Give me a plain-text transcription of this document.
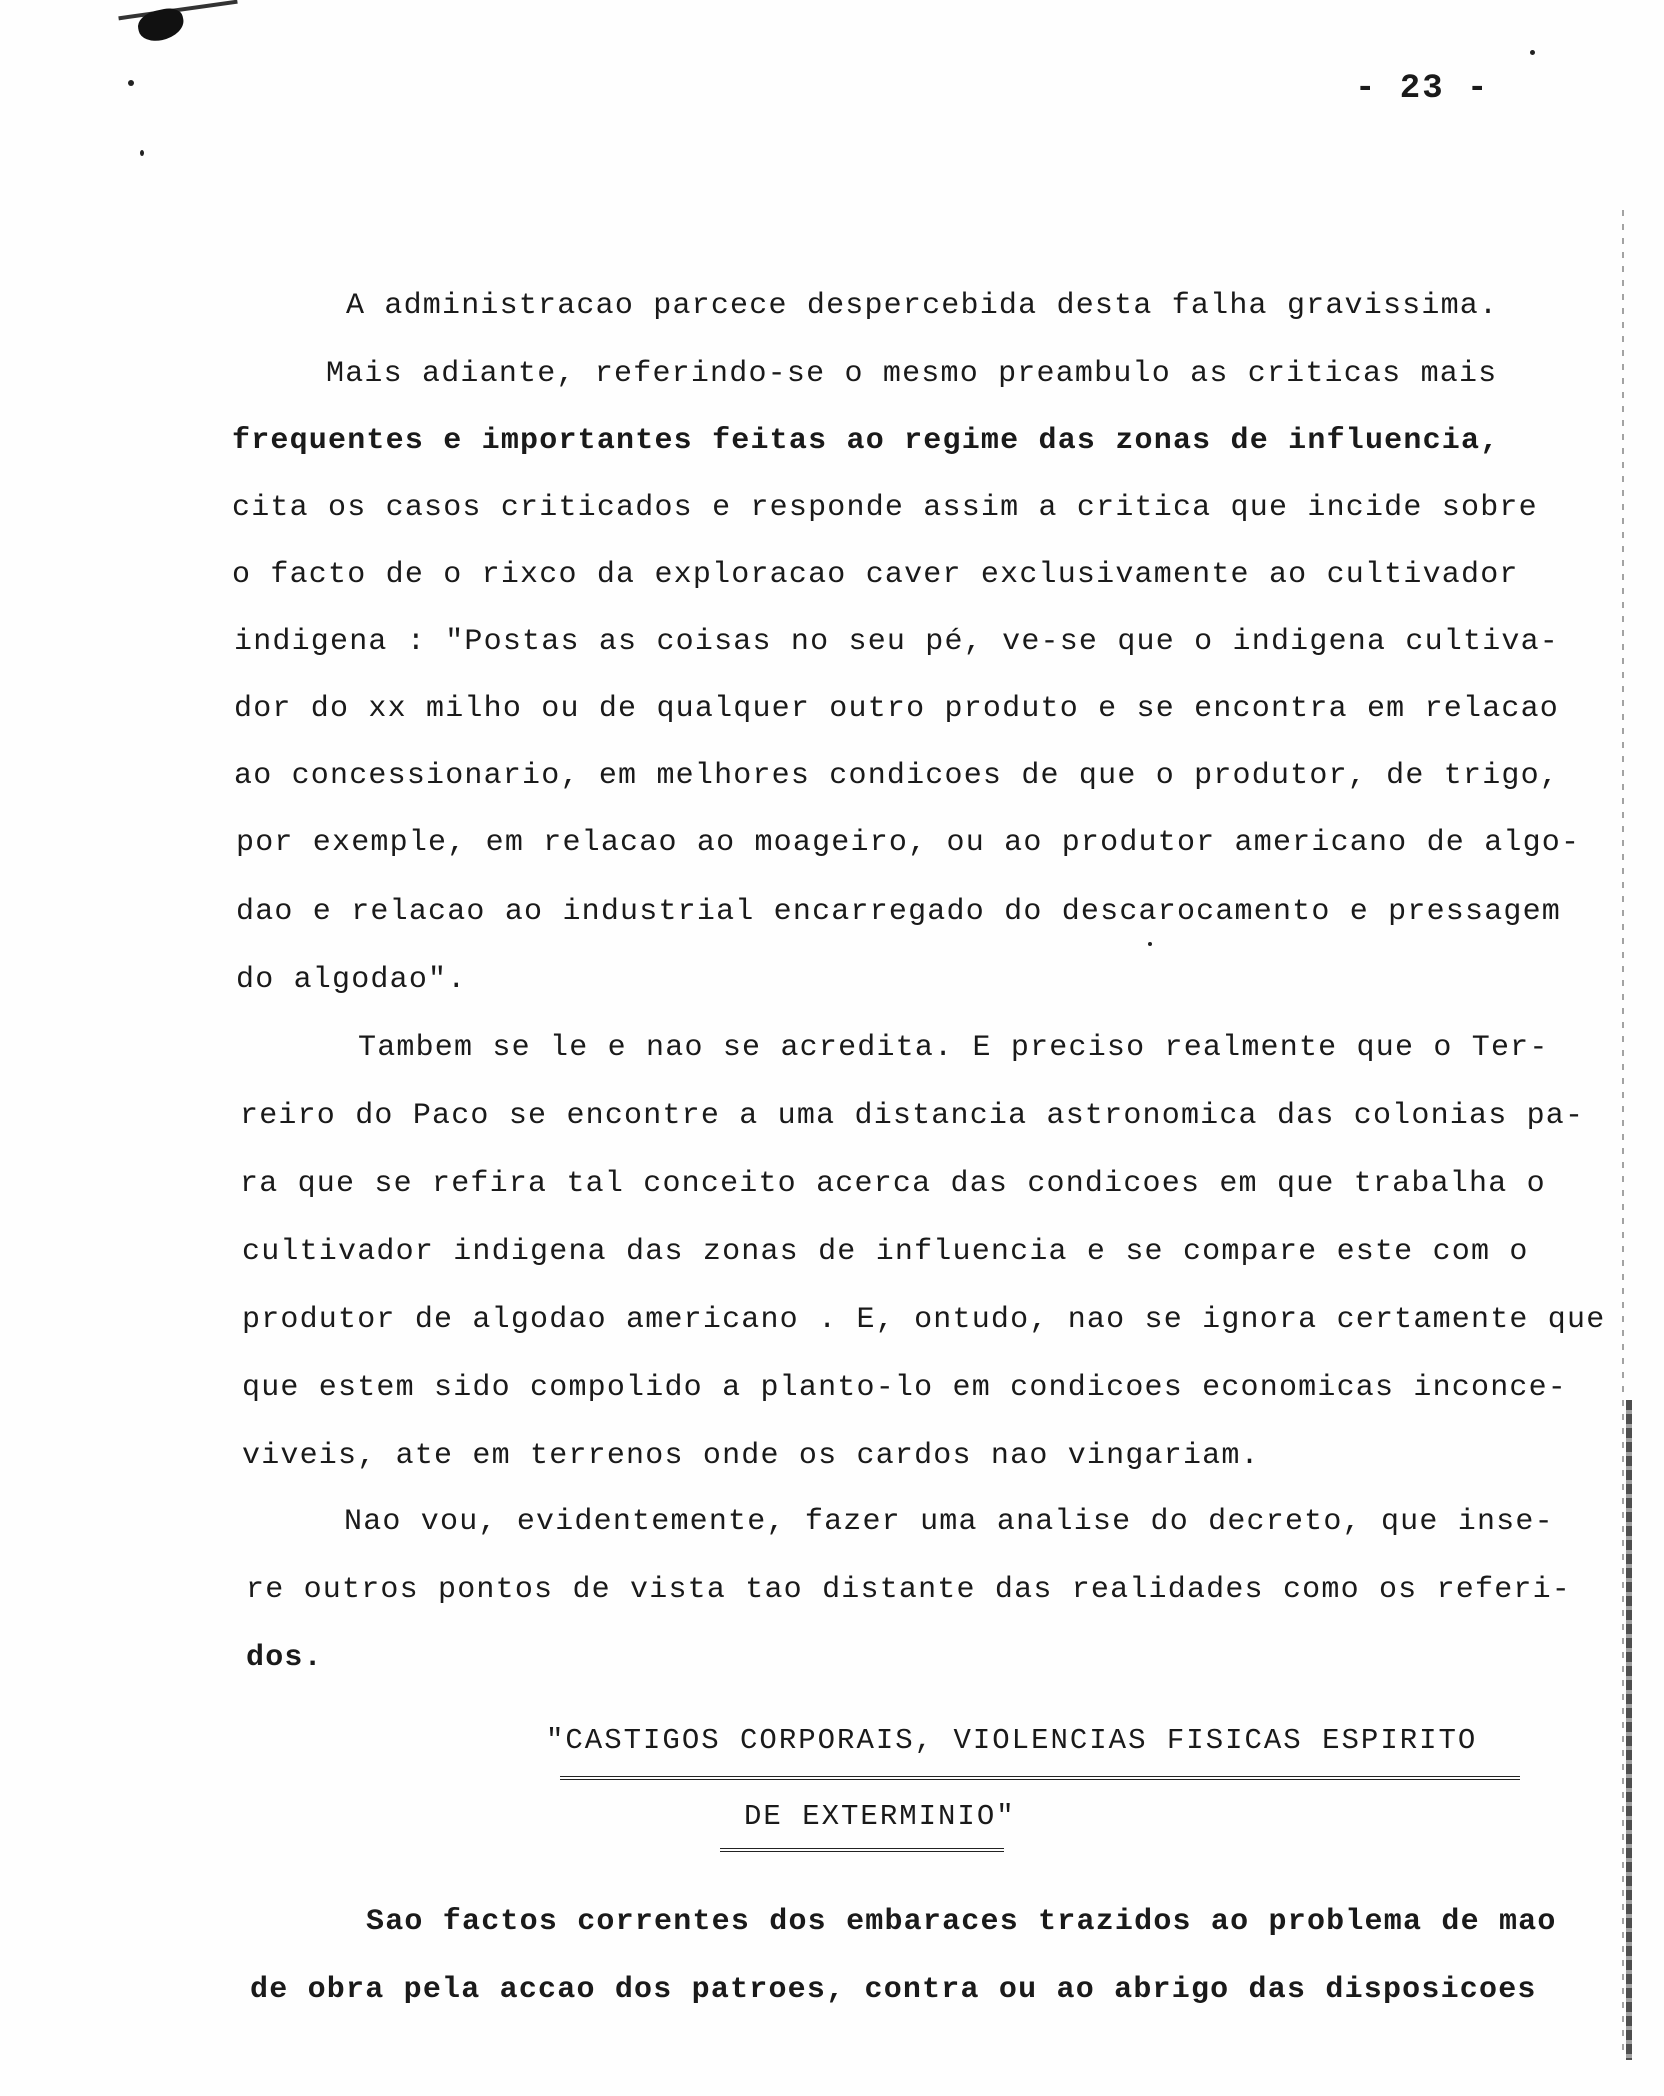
- 23 -
A administracao parcece despercebida desta falha gravissima.
Mais adiante, referindo-se o mesmo preambulo as criticas mais
frequentes e importantes feitas ao regime das zonas de influencia,
cita os casos criticados e responde assim a critica que incide sobre
o facto de o rixco da exploracao caver exclusivamente ao cultivador
indigena : "Postas as coisas no seu pé, ve-se que o indigena cultiva-
dor do xx milho ou de qualquer outro produto e se encontra em relacao
ao concessionario, em melhores condicoes de que o produtor, de trigo,
por exemple, em relacao ao moageiro, ou ao produtor americano de algo-
dao e relacao ao industrial encarregado do descarocamento e pressagem
do algodao".
Tambem se le e nao se acredita. E preciso realmente que o Ter-
reiro do Paco se encontre a uma distancia astronomica das colonias pa-
ra que se refira tal conceito acerca das condicoes em que trabalha o
cultivador indigena das zonas de influencia e se compare este com o
produtor de algodao americano . E, ontudo, nao se ignora certamente que
que estem sido compolido a planto-lo em condicoes economicas inconce-
viveis, ate em terrenos onde os cardos nao vingariam.
Nao vou, evidentemente, fazer uma analise do decreto, que inse-
re outros pontos de vista tao distante das realidades como os referi-
dos.
"CASTIGOS CORPORAIS, VIOLENCIAS FISICAS ESPIRITO
DE EXTERMINIO"
Sao factos correntes dos embaraces trazidos ao problema de mao
de obra pela accao dos patroes, contra ou ao abrigo das disposicoes
